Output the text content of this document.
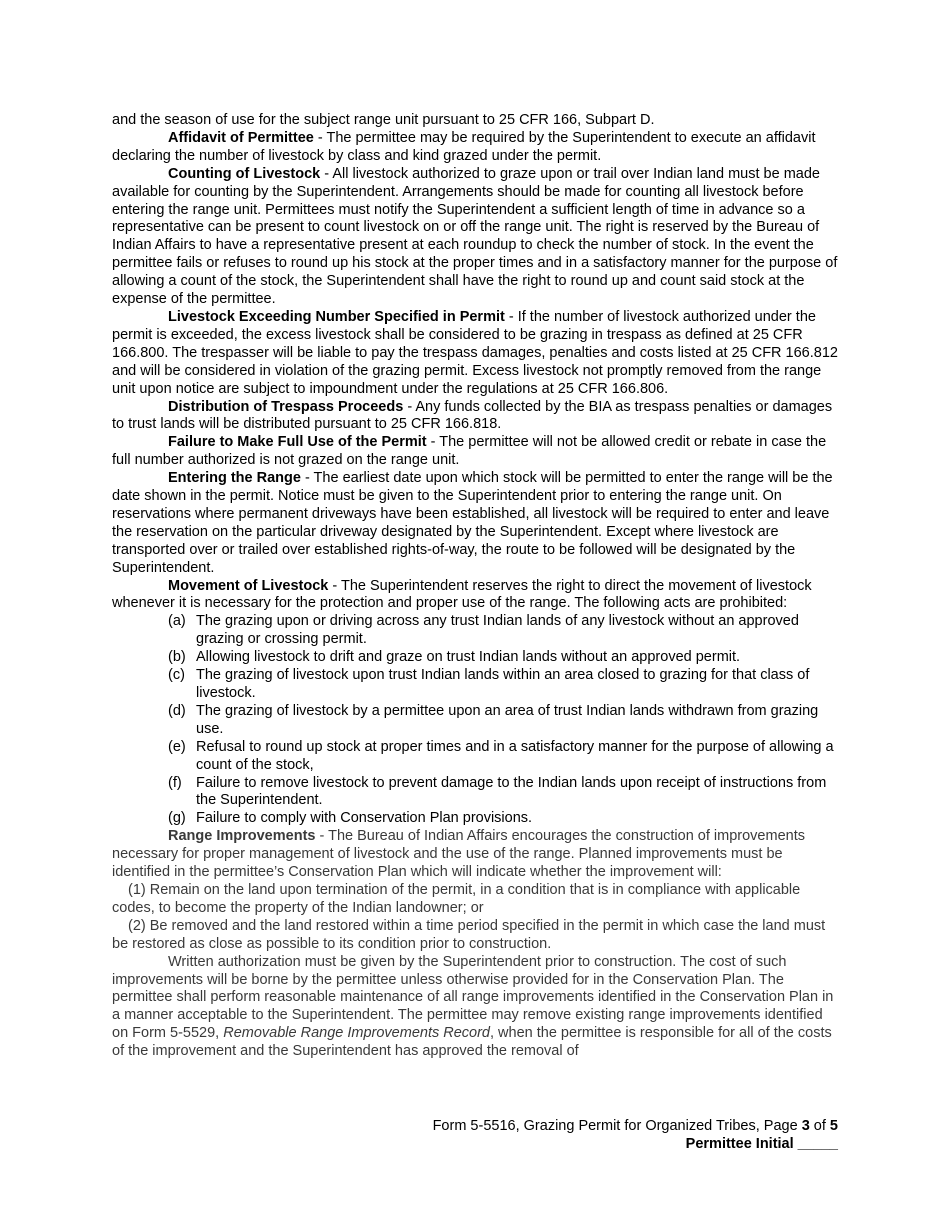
and the season of use for the subject range unit pursuant to 25 CFR 166, Subpart D.

Affidavit of Permittee - The permittee may be required by the Superintendent to execute an affidavit declaring the number of livestock by class and kind grazed under the permit.

Counting of Livestock - All livestock authorized to graze upon or trail over Indian land must be made available for counting by the Superintendent. Arrangements should be made for counting all livestock before entering the range unit. Permittees must notify the Superintendent a sufficient length of time in advance so a representative can be present to count livestock on or off the range unit. The right is reserved by the Bureau of Indian Affairs to have a representative present at each roundup to check the number of stock. In the event the permittee fails or refuses to round up his stock at the proper times and in a satisfactory manner for the purpose of allowing a count of the stock, the Superintendent shall have the right to round up and count said stock at the expense of the permittee.

Livestock Exceeding Number Specified in Permit - If the number of livestock authorized under the permit is exceeded, the excess livestock shall be considered to be grazing in trespass as defined at 25 CFR 166.800. The trespasser will be liable to pay the trespass damages, penalties and costs listed at 25 CFR 166.812 and will be considered in violation of the grazing permit. Excess livestock not promptly removed from the range unit upon notice are subject to impoundment under the regulations at 25 CFR 166.806.

Distribution of Trespass Proceeds - Any funds collected by the BIA as trespass penalties or damages to trust lands will be distributed pursuant to 25 CFR 166.818.

Failure to Make Full Use of the Permit - The permittee will not be allowed credit or rebate in case the full number authorized is not grazed on the range unit.

Entering the Range - The earliest date upon which stock will be permitted to enter the range will be the date shown in the permit. Notice must be given to the Superintendent prior to entering the range unit. On reservations where permanent driveways have been established, all livestock will be required to enter and leave the reservation on the particular driveway designated by the Superintendent. Except where livestock are transported over or trailed over established rights-of-way, the route to be followed will be designated by the Superintendent.

Movement of Livestock - The Superintendent reserves the right to direct the movement of livestock whenever it is necessary for the protection and proper use of the range. The following acts are prohibited:

(a) The grazing upon or driving across any trust Indian lands of any livestock without an approved grazing or crossing permit.
(b) Allowing livestock to drift and graze on trust Indian lands without an approved permit.
(c) The grazing of livestock upon trust Indian lands within an area closed to grazing for that class of livestock.
(d) The grazing of livestock by a permittee upon an area of trust Indian lands withdrawn from grazing use.
(e) Refusal to round up stock at proper times and in a satisfactory manner for the purpose of allowing a count of the stock,
(f) Failure to remove livestock to prevent damage to the Indian lands upon receipt of instructions from the Superintendent.
(g) Failure to comply with Conservation Plan provisions.

Range Improvements - The Bureau of Indian Affairs encourages the construction of improvements necessary for proper management of livestock and the use of the range. Planned improvements must be identified in the permittee’s Conservation Plan which will indicate whether the improvement will:

(1) Remain on the land upon termination of the permit, in a condition that is in compliance with applicable codes, to become the property of the Indian landowner; or

(2) Be removed and the land restored within a time period specified in the permit in which case the land must be restored as close as possible to its condition prior to construction.

Written authorization must be given by the Superintendent prior to construction. The cost of such improvements will be borne by the permittee unless otherwise provided for in the Conservation Plan. The permittee shall perform reasonable maintenance of all range improvements identified in the Conservation Plan in a manner acceptable to the Superintendent. The permittee may remove existing range improvements identified on Form 5-5529, Removable Range Improvements Record, when the permittee is responsible for all of the costs of the improvement and the Superintendent has approved the removal of

Form 5-5516, Grazing Permit for Organized Tribes, Page 3 of 5
Permittee Initial _____
